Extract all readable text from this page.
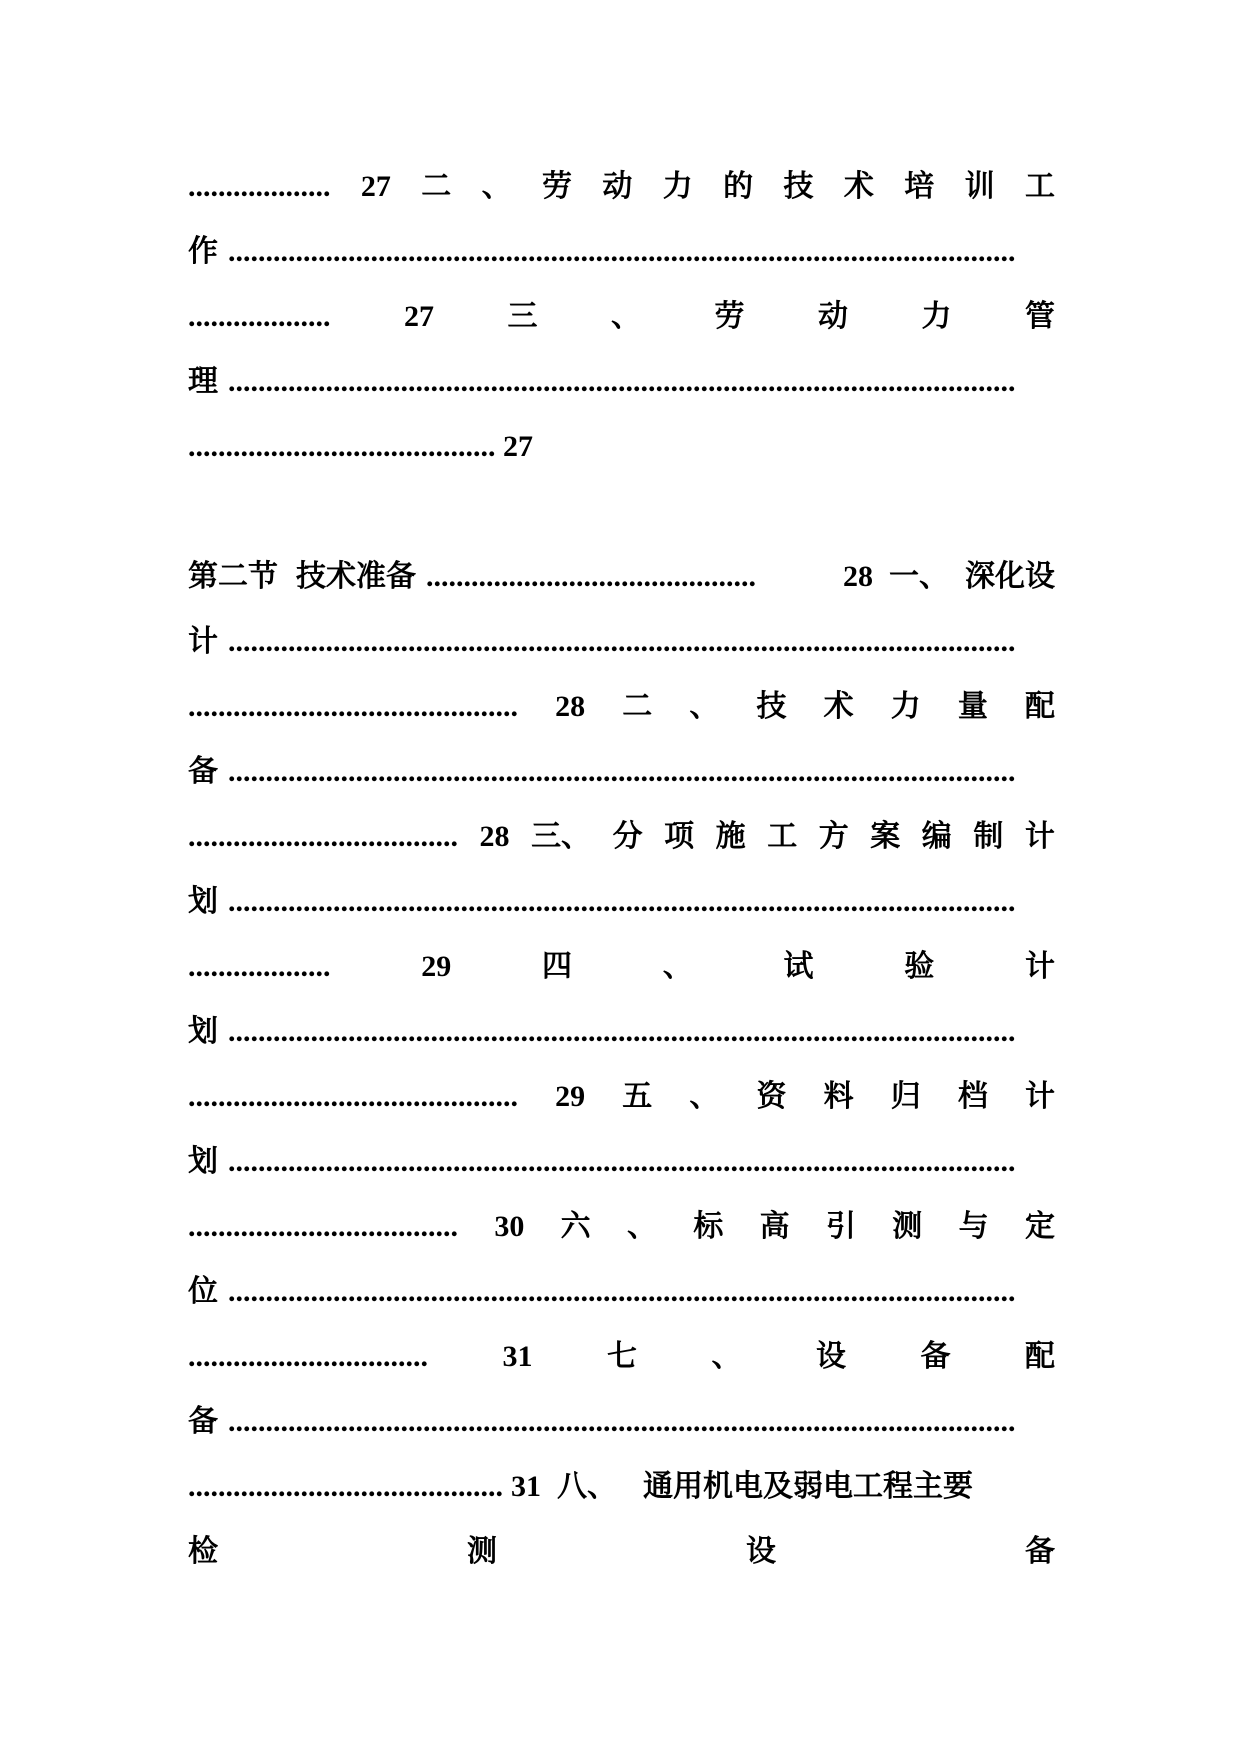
................... 27 二 、 劳 动 力 的 技 术 培 训 工
作 .........................................................................................................
................... 27 三 、 劳 动 力 管
理 .........................................................................................................
......................................... 27
第二节 技术准备 ............................................	28 一、 深化设
计 .........................................................................................................
............................................ 28 二 、 技 术 力 量 配
备 .........................................................................................................
.................................... 28 三、 分 项 施 工 方 案 编 制 计
划 .........................................................................................................
...................	29	四	、	试	验	计
划 .........................................................................................................
............................................ 29 五 、 资 料 归 档 计
划 .........................................................................................................
.................................... 30 六 、 标 高 引 测 与 定
位 .........................................................................................................
................................ 31 七 、 设 备 配
备 .........................................................................................................
.......................................... 31 八、 通用机电及弱电工程主要
检	测	设	备
